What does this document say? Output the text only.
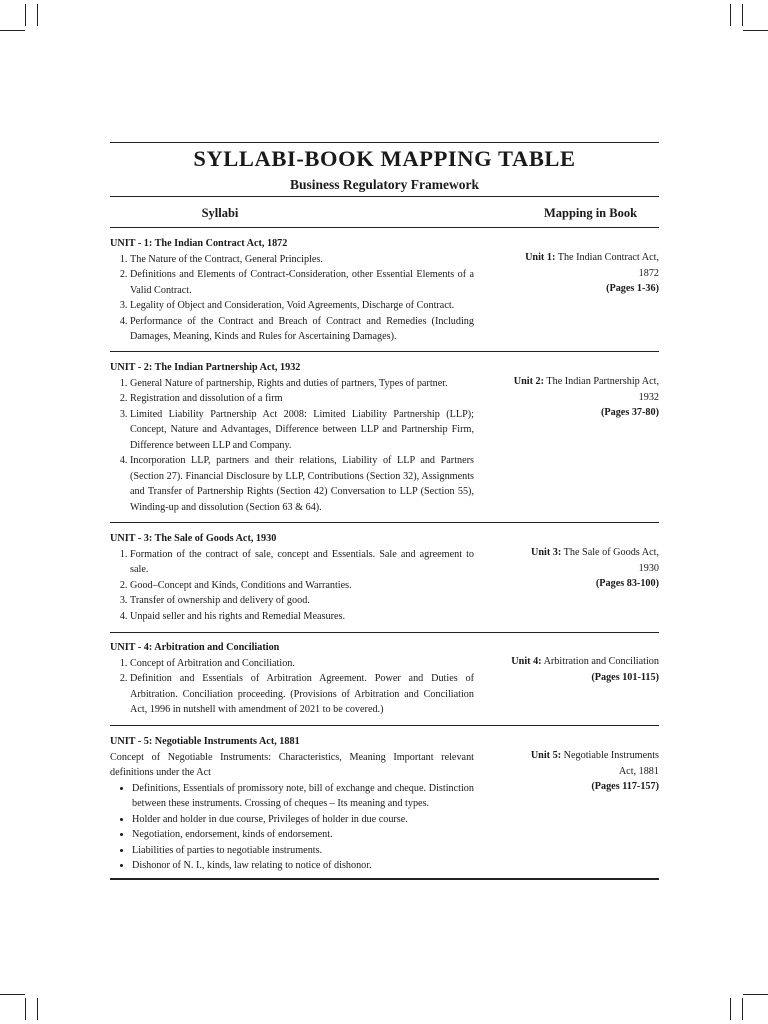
SYLLABI-BOOK MAPPING TABLE
Business Regulatory Framework
Syllabi	Mapping in Book
UNIT - 1: The Indian Contract Act, 1872
1. The Nature of the Contract, General Principles.
2. Definitions and Elements of Contract-Consideration, other Essential Elements of a Valid Contract.
3. Legality of Object and Consideration, Void Agreements, Discharge of Contract.
4. Performance of the Contract and Breach of Contract and Remedies (Including Damages, Meaning, Kinds and Rules for Ascertaining Damages).
Unit 1: The Indian Contract Act, 1872
(Pages 1-36)
UNIT - 2: The Indian Partnership Act, 1932
1. General Nature of partnership, Rights and duties of partners, Types of partner.
2. Registration and dissolution of a firm
3. Limited Liability Partnership Act 2008: Limited Liability Partnership (LLP); Concept, Nature and Advantages, Difference between LLP and Partnership Firm, Difference between LLP and Company.
4. Incorporation LLP, partners and their relations, Liability of LLP and Partners (Section 27). Financial Disclosure by LLP, Contributions (Section 32), Assignments and Transfer of Partnership Rights (Section 42) Conversation to LLP (Section 55), Winding-up and dissolution (Section 63 & 64).
Unit 2: The Indian Partnership Act, 1932
(Pages 37-80)
UNIT - 3: The Sale of Goods Act, 1930
1. Formation of the contract of sale, concept and Essentials. Sale and agreement to sale.
2. Good–Concept and Kinds, Conditions and Warranties.
3. Transfer of ownership and delivery of good.
4. Unpaid seller and his rights and Remedial Measures.
Unit 3: The Sale of Goods Act, 1930
(Pages 83-100)
UNIT - 4: Arbitration and Conciliation
1. Concept of Arbitration and Conciliation.
2. Definition and Essentials of Arbitration Agreement. Power and Duties of Arbitration. Conciliation proceeding. (Provisions of Arbitration and Conciliation Act, 1996 in nutshell with amendment of 2021 to be covered.)
Unit 4: Arbitration and Conciliation
(Pages 101-115)
UNIT - 5: Negotiable Instruments Act, 1881
Concept of Negotiable Instruments: Characteristics, Meaning Important relevant definitions under the Act
• Definitions, Essentials of promissory note, bill of exchange and cheque. Distinction between these instruments. Crossing of cheques – Its meaning and types.
• Holder and holder in due course, Privileges of holder in due course.
• Negotiation, endorsement, kinds of endorsement.
• Liabilities of parties to negotiable instruments.
• Dishonor of N. I., kinds, law relating to notice of dishonor.
Unit 5: Negotiable Instruments Act, 1881
(Pages 117-157)
